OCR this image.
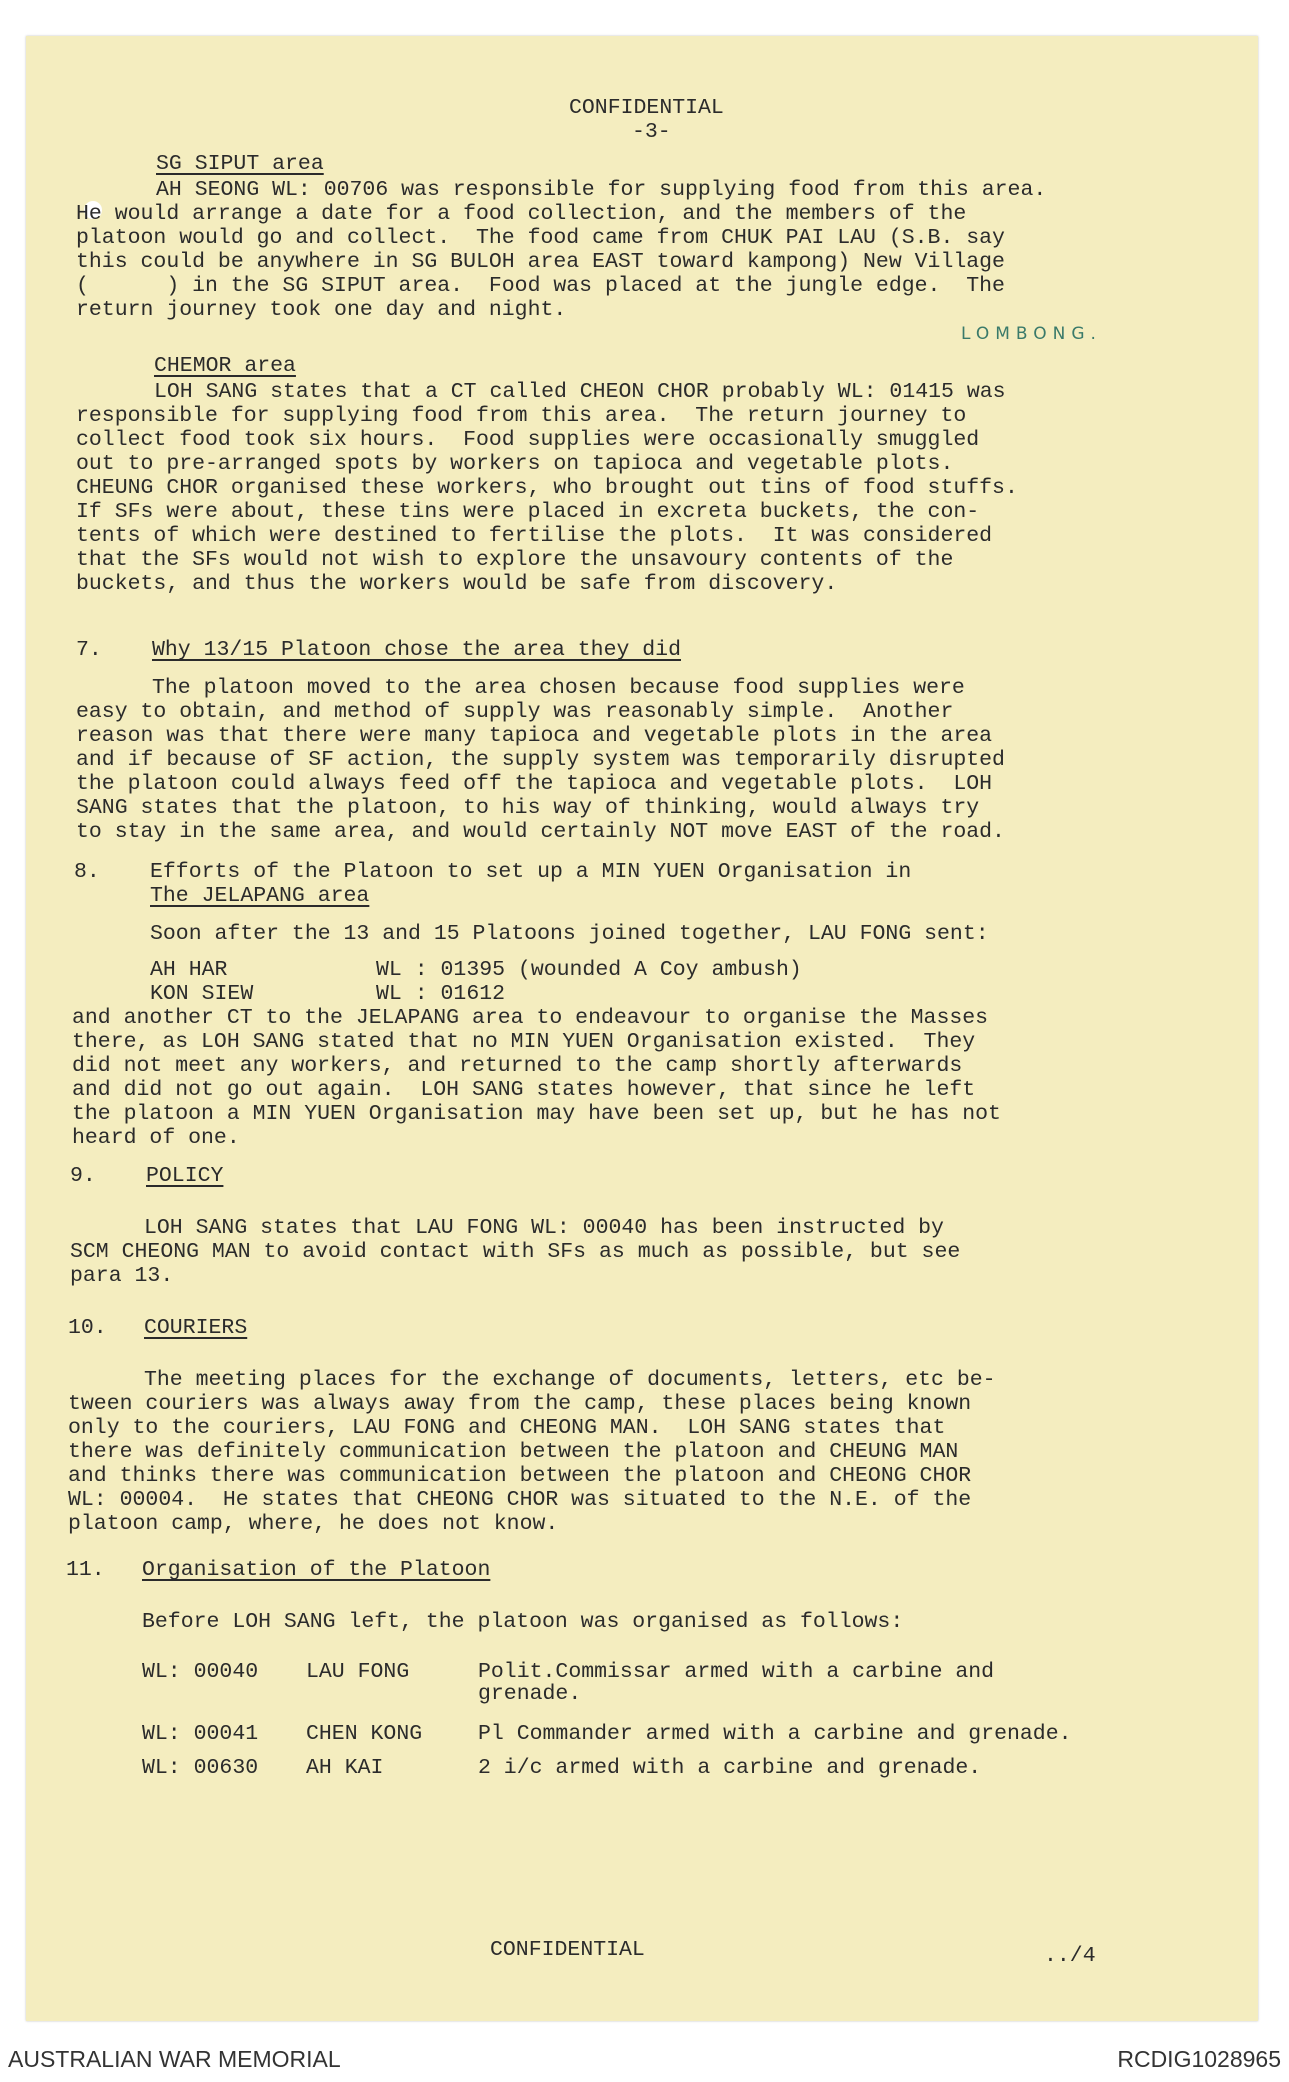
CONFIDENTIAL
-3-
SG SIPUT area
AH SEONG WL: 00706 was responsible for supplying food from this area.
He would arrange a date for a food collection, and the members of the
platoon would go and collect.  The food came from CHUK PAI LAU (S.B. say
this could be anywhere in SG BULOH area EAST toward kampong) New Village
(      ) in the SG SIPUT area.  Food was placed at the jungle edge.  The
return journey took one day and night.
LOMBONG.
CHEMOR area
LOH SANG states that a CT called CHEON CHOR probably WL: 01415 was
responsible for supplying food from this area.  The return journey to
collect food took six hours.  Food supplies were occasionally smuggled
out to pre-arranged spots by workers on tapioca and vegetable plots.
CHEUNG CHOR organised these workers, who brought out tins of food stuffs.
If SFs were about, these tins were placed in excreta buckets, the con-
tents of which were destined to fertilise the plots.  It was considered
that the SFs would not wish to explore the unsavoury contents of the
buckets, and thus the workers would be safe from discovery.
7. Why 13/15 Platoon chose the area they did
The platoon moved to the area chosen because food supplies were
easy to obtain, and method of supply was reasonably simple.  Another
reason was that there were many tapioca and vegetable plots in the area
and if because of SF action, the supply system was temporarily disrupted
the platoon could always feed off the tapioca and vegetable plots.  LOH
SANG states that the platoon, to his way of thinking, would always try
to stay in the same area, and would certainly NOT move EAST of the road.
8. Efforts of the Platoon to set up a MIN YUEN Organisation in
The JELAPANG area
Soon after the 13 and 15 Platoons joined together, LAU FONG sent:
AH HAR	WL : 01395 (wounded A Coy ambush)
KON SIEW	WL : 01612
and another CT to the JELAPANG area to endeavour to organise the Masses
there, as LOH SANG stated that no MIN YUEN Organisation existed.  They
did not meet any workers, and returned to the camp shortly afterwards
and did not go out again.  LOH SANG states however, that since he left
the platoon a MIN YUEN Organisation may have been set up, but he has not
heard of one.
9. POLICY
LOH SANG states that LAU FONG WL: 00040 has been instructed by
SCM CHEONG MAN to avoid contact with SFs as much as possible, but see
para 13.
10. COURIERS
The meeting places for the exchange of documents, letters, etc be-
tween couriers was always away from the camp, these places being known
only to the couriers, LAU FONG and CHEONG MAN.  LOH SANG states that
there was definitely communication between the platoon and CHEUNG MAN
and thinks there was communication between the platoon and CHEONG CHOR
WL: 00004.  He states that CHEONG CHOR was situated to the N.E. of the
platoon camp, where, he does not know.
11. Organisation of the Platoon
Before LOH SANG left, the platoon was organised as follows:
WL: 00040 LAU FONG	Polit.Commissar armed with a carbine and
grenade.
WL: 00041 CHEN KONG	Pl Commander armed with a carbine and grenade.
WL: 00630 AH KAI	2 i/c armed with a carbine and grenade.
CONFIDENTIAL	../4
AUSTRALIAN WAR MEMORIAL	RCDIG1028965
